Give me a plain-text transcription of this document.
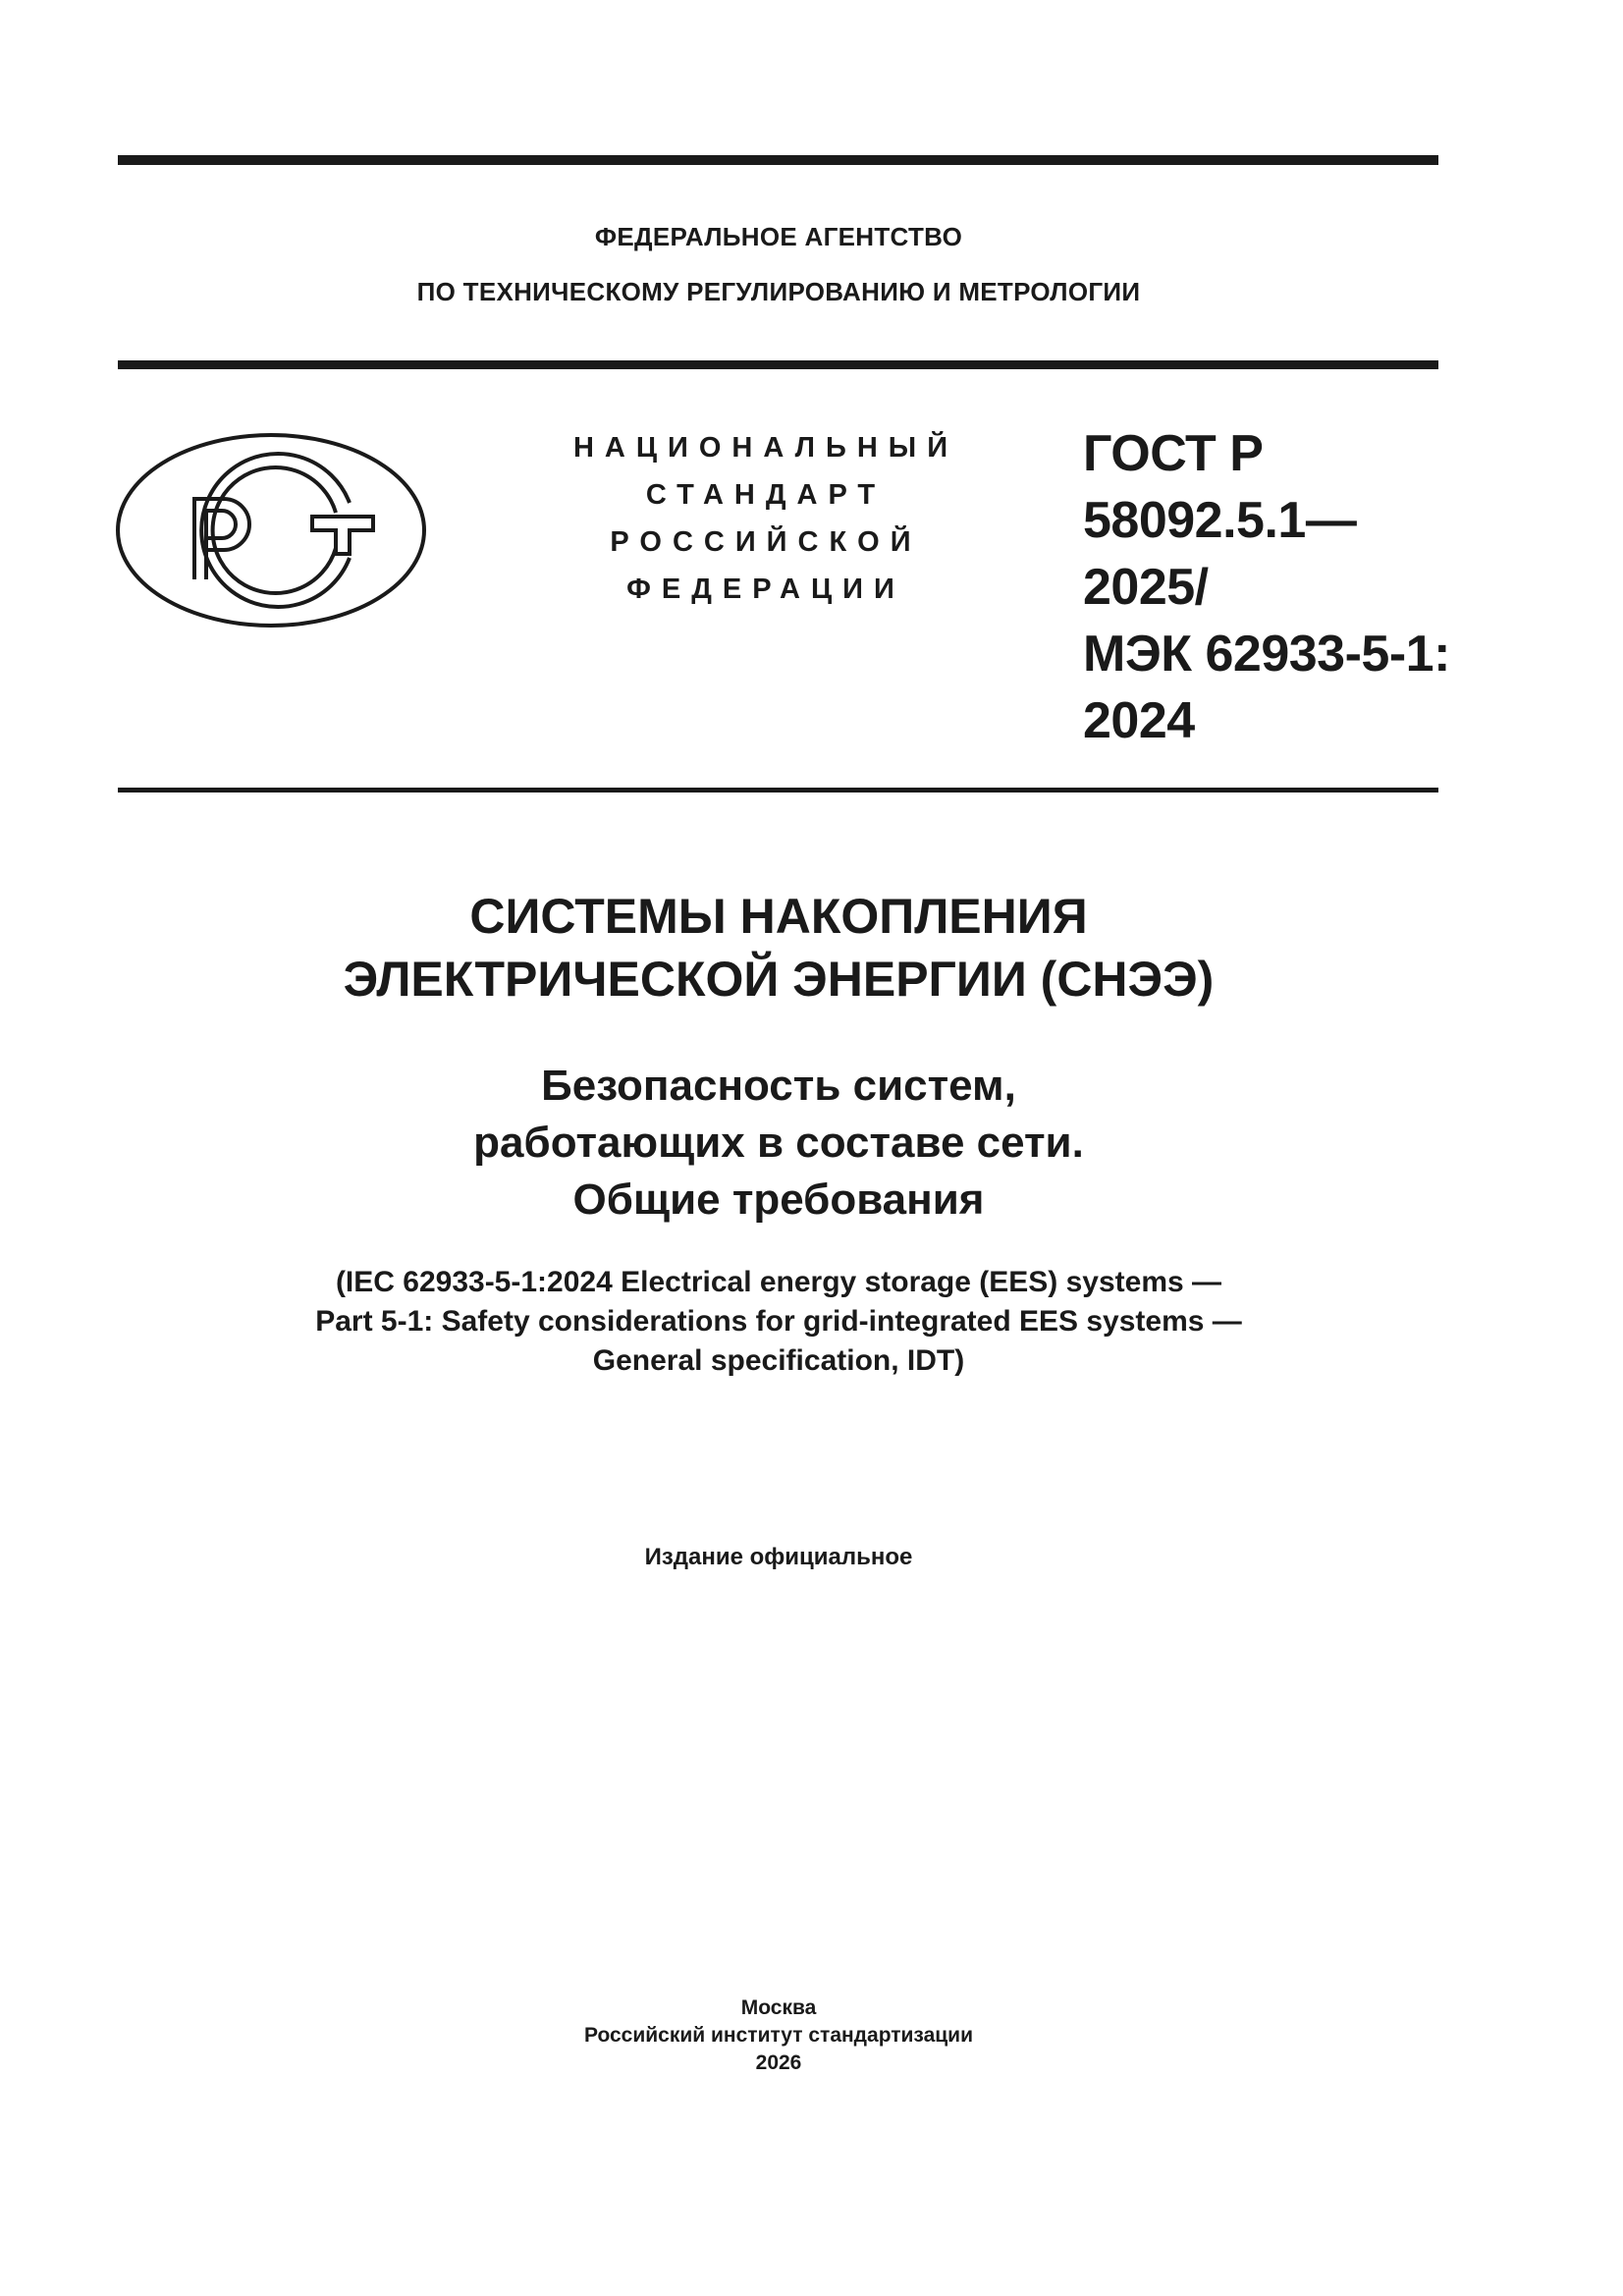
ФЕДЕРАЛЬНОЕ АГЕНТСТВО
ПО ТЕХНИЧЕСКОМУ РЕГУЛИРОВАНИЮ И МЕТРОЛОГИИ
НАЦИОНАЛЬНЫЙ
СТАНДАРТ
РОССИЙСКОЙ
ФЕДЕРАЦИИ
ГОСТ Р
58092.5.1—
2025/
МЭК 62933-5-1:
2024
СИСТЕМЫ НАКОПЛЕНИЯ
ЭЛЕКТРИЧЕСКОЙ ЭНЕРГИИ (СНЭЭ)
Безопасность систем,
работающих в составе сети.
Общие требования
(IEC 62933-5-1:2024 Electrical energy storage (EES) systems —
Part 5-1: Safety considerations for grid-integrated EES systems —
General specification, IDT)
Издание официальное
Москва
Российский институт стандартизации
2026
